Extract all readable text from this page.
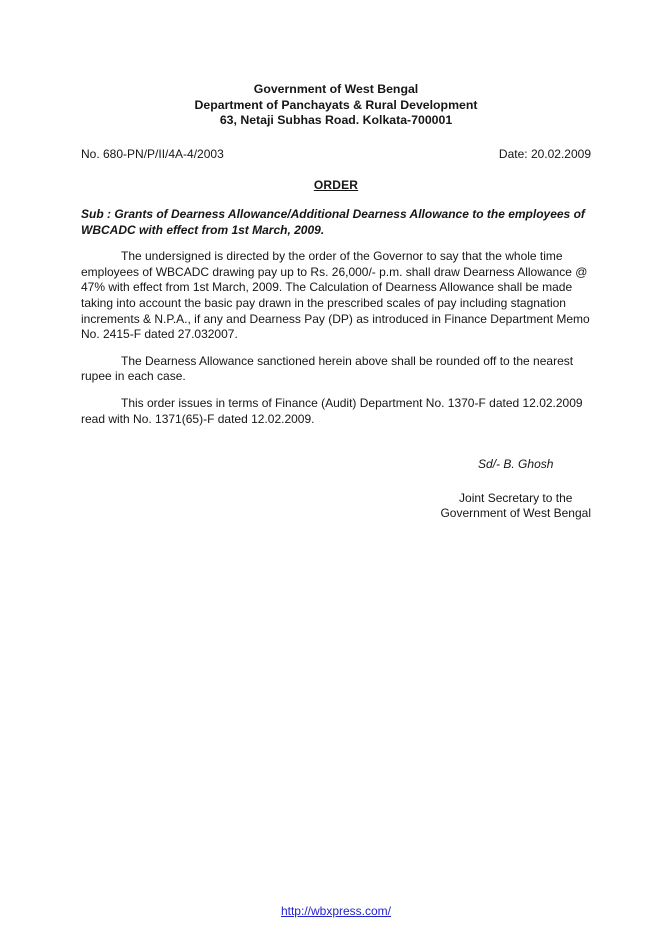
Government of West Bengal
Department of Panchayats & Rural Development
63, Netaji Subhas Road. Kolkata-700001
No. 680-PN/P/II/4A-4/2003	Date: 20.02.2009
ORDER
Sub : Grants of Dearness Allowance/Additional Dearness Allowance to the employees of WBCADC with effect from 1st March, 2009.
The undersigned is directed by the order of the Governor to say that the whole time employees of WBCADC drawing pay up to Rs. 26,000/- p.m. shall draw Dearness Allowance @ 47% with effect from 1st March, 2009. The Calculation of Dearness Allowance shall be made taking into account the basic pay drawn in the prescribed scales of pay including stagnation increments & N.P.A., if any and Dearness Pay (DP) as introduced in Finance Department Memo No. 2415-F dated 27.032007.
The Dearness Allowance sanctioned herein above shall be rounded off to the nearest rupee in each case.
This order issues in terms of Finance (Audit) Department No. 1370-F dated 12.02.2009 read with No. 1371(65)-F dated 12.02.2009.
Sd/- B. Ghosh
Joint Secretary to the
Government of West Bengal
http://wbxpress.com/
